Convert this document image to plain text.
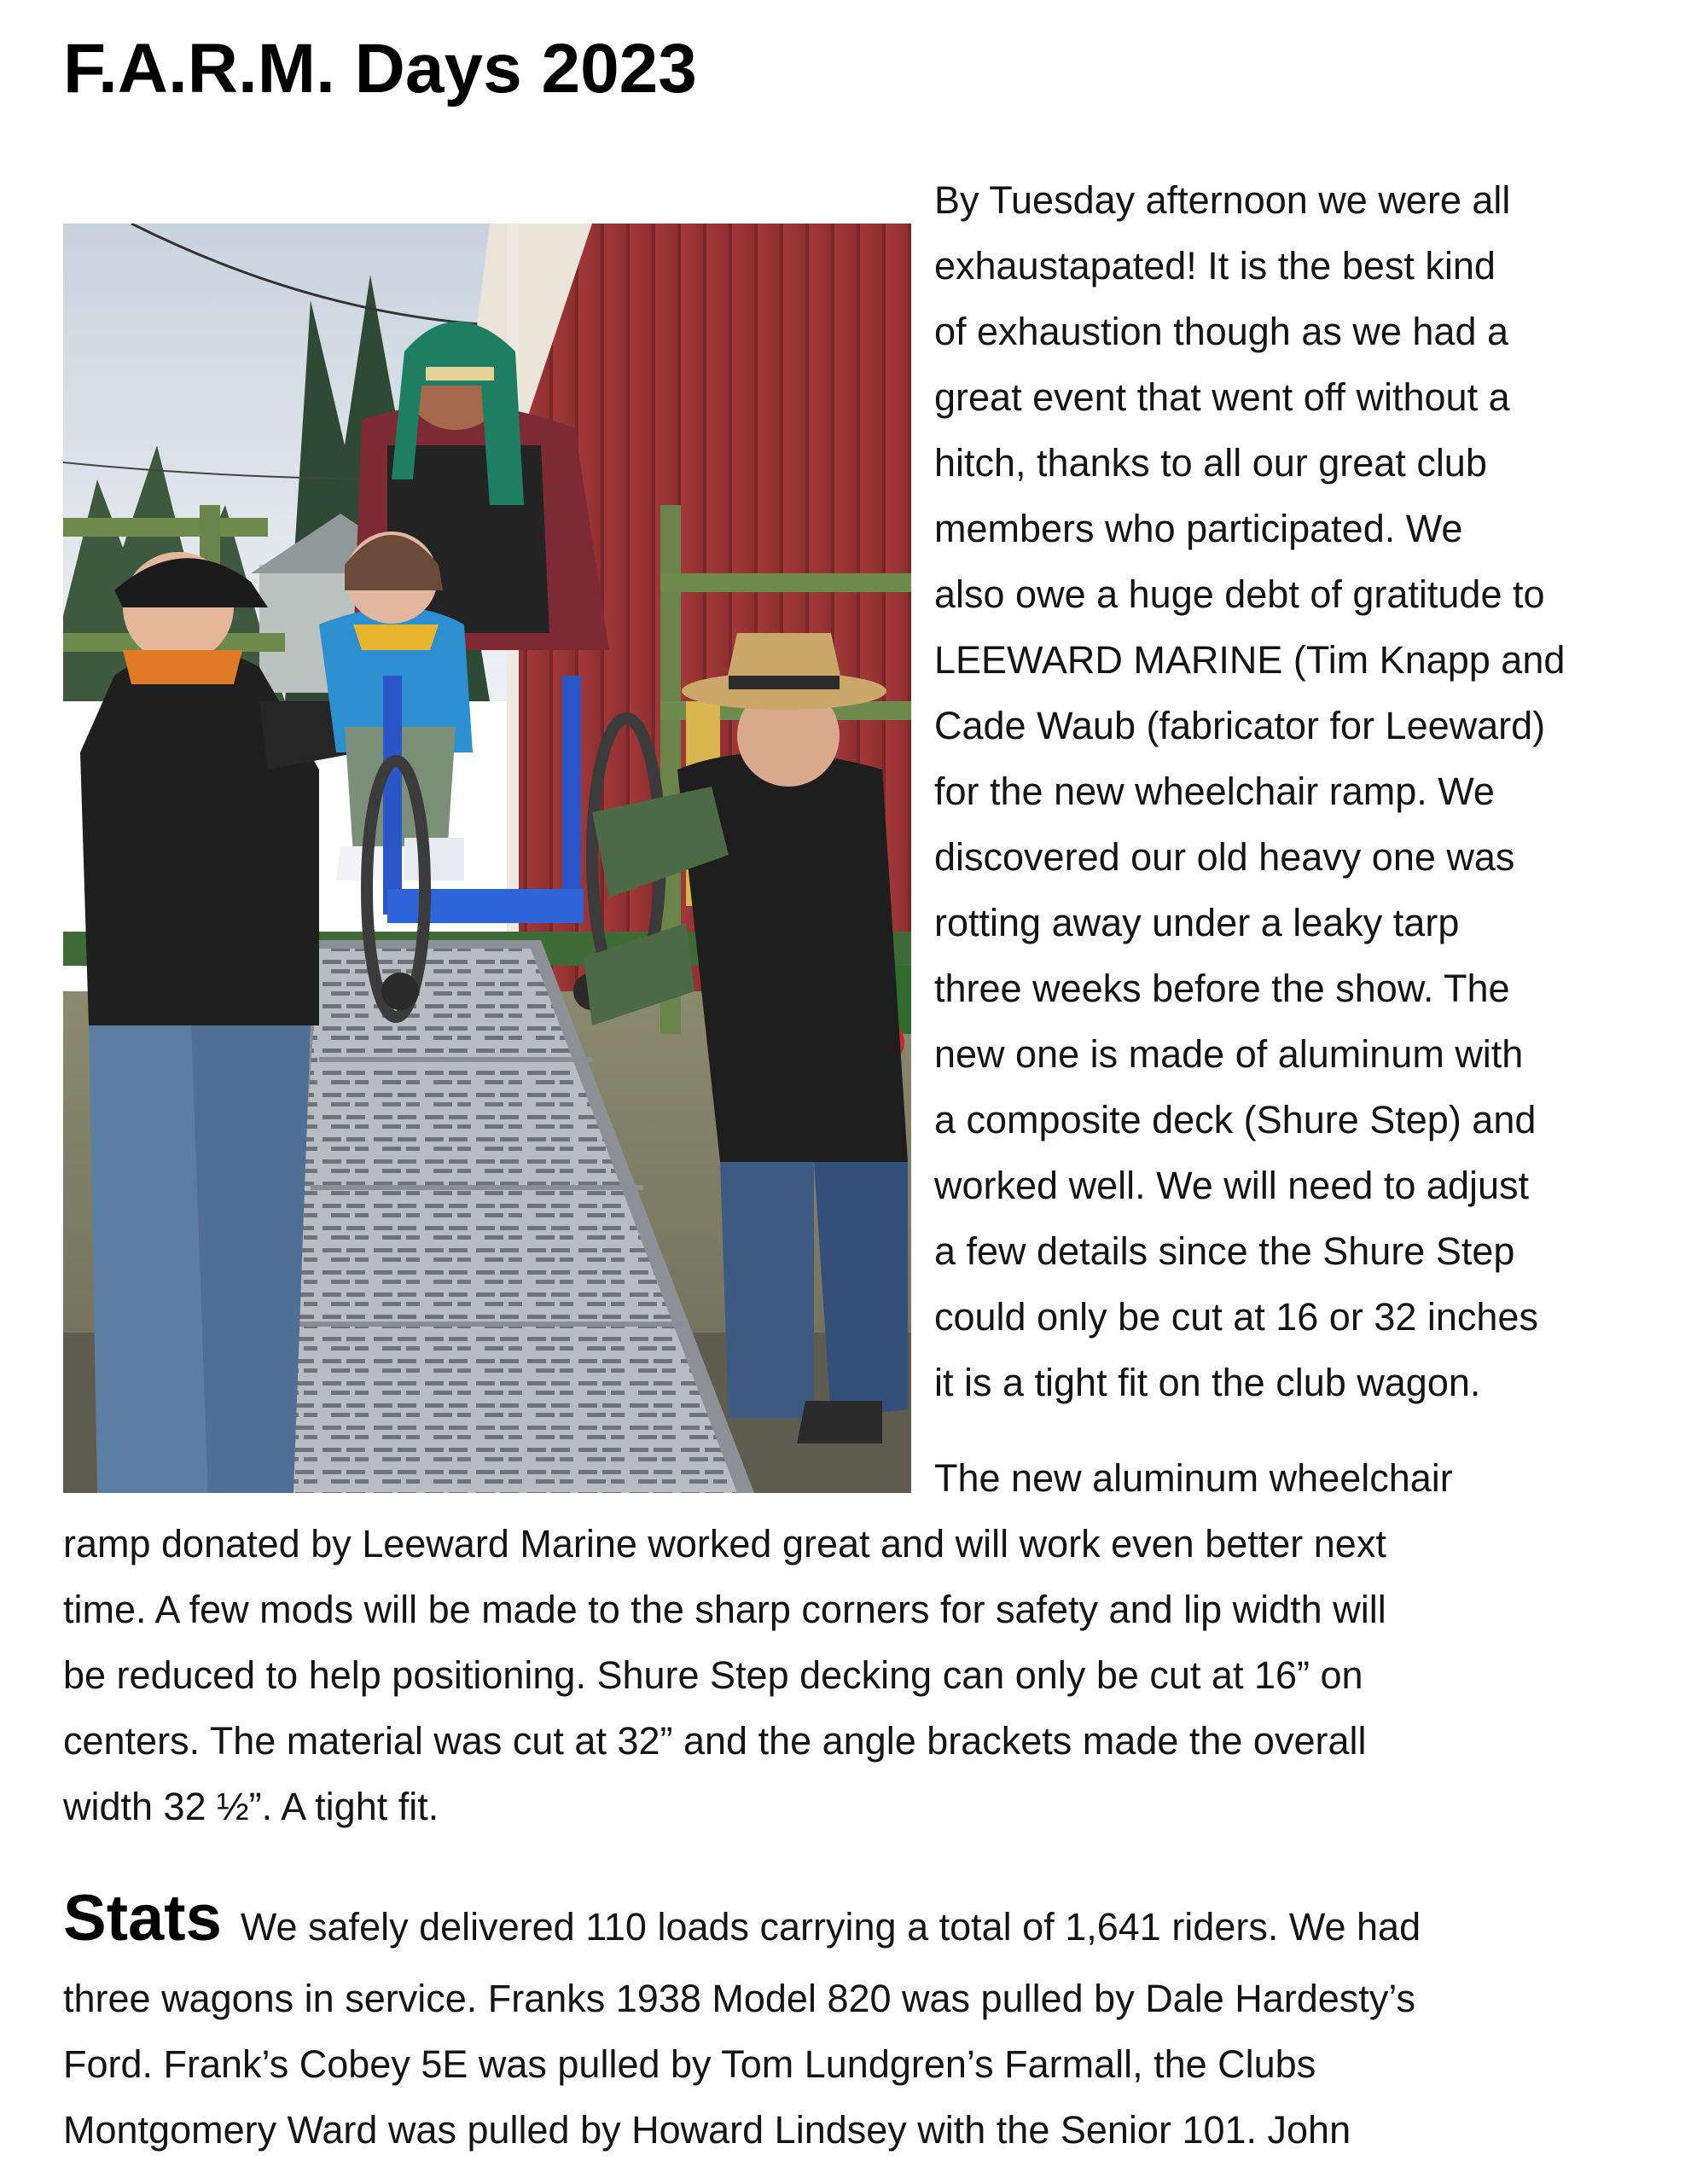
F.A.R.M. Days 2023
By Tuesday afternoon we were all
exhaustapated! It is the best kind
of exhaustion though as we had a
great event that went off without a
hitch, thanks to all our great club
members who participated. We
also owe a huge debt of gratitude to
LEEWARD MARINE (Tim Knapp and
Cade Waub (fabricator for Leeward)
for the new wheelchair ramp. We
discovered our old heavy one was
rotting away under a leaky tarp
three weeks before the show. The
new one is made of aluminum with
a composite deck (Shure Step) and
worked well. We will need to adjust
a few details since the Shure Step
could only be cut at 16 or 32 inches
it is a tight fit on the club wagon.
The new aluminum wheelchair
ramp donated by Leeward Marine worked great and will work even better next
time. A few mods will be made to the sharp corners for safety and lip width will
be reduced to help positioning. Shure Step decking can only be cut at 16” on
centers. The material was cut at 32” and the angle brackets made the overall
width 32 ½”. A tight fit.
Stats We safely delivered 110 loads carrying a total of 1,641 riders. We had
three wagons in service. Franks 1938 Model 820 was pulled by Dale Hardesty’s
Ford. Frank’s Cobey 5E was pulled by Tom Lundgren’s Farmall, the Clubs
Montgomery Ward was pulled by Howard Lindsey with the Senior 101. John
